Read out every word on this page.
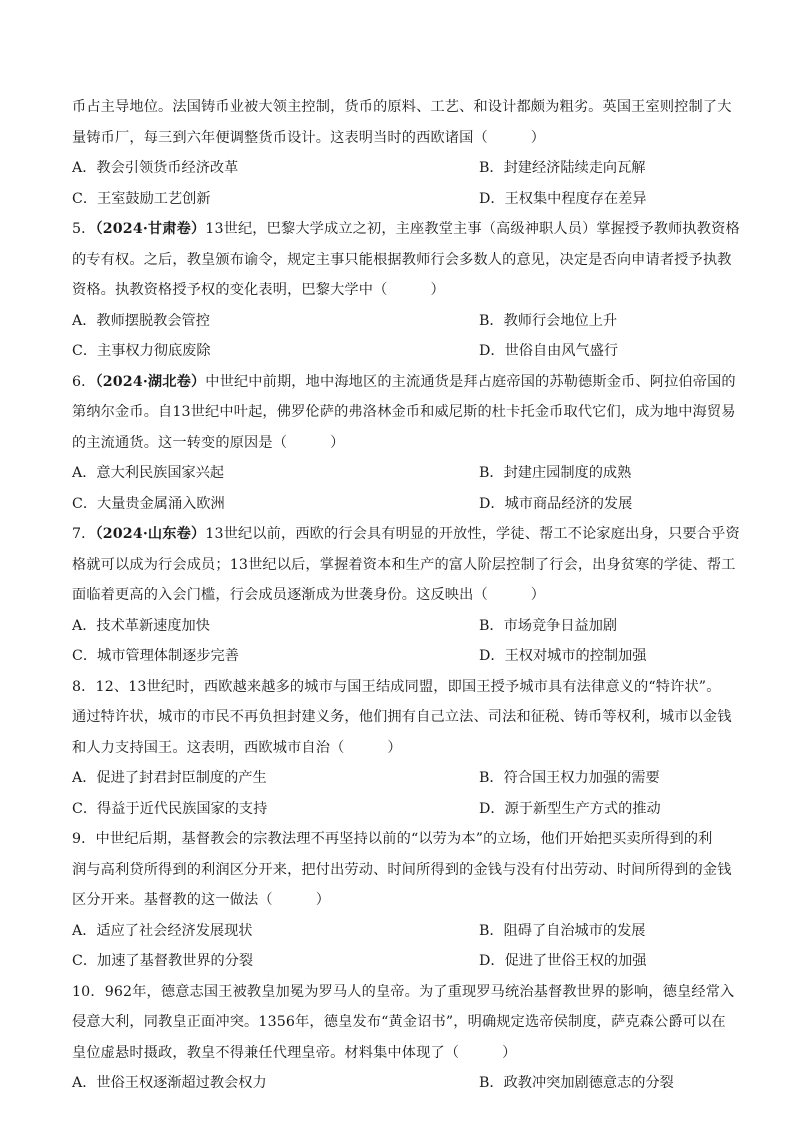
币占主导地位。法国铸币业被大领主控制，货币的原料、工艺、和设计都颇为粗劣。英国王室则控制了大
量铸币厂，每三到六年便调整货币设计。这表明当时的西欧诸国（　　　）
A．教会引领货币经济改革	B．封建经济陆续走向瓦解
C．王室鼓励工艺创新	D．王权集中程度存在差异
5．（2024·甘肃卷）13世纪，巴黎大学成立之初，主座教堂主事（高级神职人员）掌握授予教师执教资格
的专有权。之后，教皇颁布谕令，规定主事只能根据教师行会多数人的意见，决定是否向申请者授予执教
资格。执教资格授予权的变化表明，巴黎大学中（　　　）
A．教师摆脱教会管控	B．教师行会地位上升
C．主事权力彻底废除	D．世俗自由风气盛行
6．（2024·湖北卷）中世纪中前期，地中海地区的主流通货是拜占庭帝国的苏勒德斯金币、阿拉伯帝国的
第纳尔金币。自13世纪中叶起，佛罗伦萨的弗洛林金币和威尼斯的杜卡托金币取代它们，成为地中海贸易
的主流通货。这一转变的原因是（　　　）
A．意大利民族国家兴起	B．封建庄园制度的成熟
C．大量贵金属涌入欧洲	D．城市商品经济的发展
7．（2024·山东卷）13世纪以前，西欧的行会具有明显的开放性，学徒、帮工不论家庭出身，只要合乎资
格就可以成为行会成员；13世纪以后，掌握着资本和生产的富人阶层控制了行会，出身贫寒的学徒、帮工
面临着更高的入会门槛，行会成员逐渐成为世袭身份。这反映出（　　　）
A．技术革新速度加快	B．市场竞争日益加剧
C．城市管理体制逐步完善	D．王权对城市的控制加强
8．12、13世纪时，西欧越来越多的城市与国王结成同盟，即国王授予城市具有法律意义的“特许状”。
通过特许状，城市的市民不再负担封建义务，他们拥有自己立法、司法和征税、铸币等权利，城市以金钱
和人力支持国王。这表明，西欧城市自治（　　　）
A．促进了封君封臣制度的产生	B．符合国王权力加强的需要
C．得益于近代民族国家的支持	D．源于新型生产方式的推动
9．中世纪后期，基督教会的宗教法理不再坚持以前的“以劳为本”的立场，他们开始把买卖所得到的利
润与高利贷所得到的利润区分开来，把付出劳动、时间所得到的金钱与没有付出劳动、时间所得到的金钱
区分开来。基督教的这一做法（　　　）
A．适应了社会经济发展现状	B．阻碍了自治城市的发展
C．加速了基督教世界的分裂	D．促进了世俗王权的加强
10．962年，德意志国王被教皇加冕为罗马人的皇帝。为了重现罗马统治基督教世界的影响，德皇经常入
侵意大利，同教皇正面冲突。1356年，德皇发布“黄金诏书”，明确规定选帝侯制度，萨克森公爵可以在
皇位虚悬时摄政，教皇不得兼任代理皇帝。材料集中体现了（　　　）
A．世俗王权逐渐超过教会权力	B．政教冲突加剧德意志的分裂
